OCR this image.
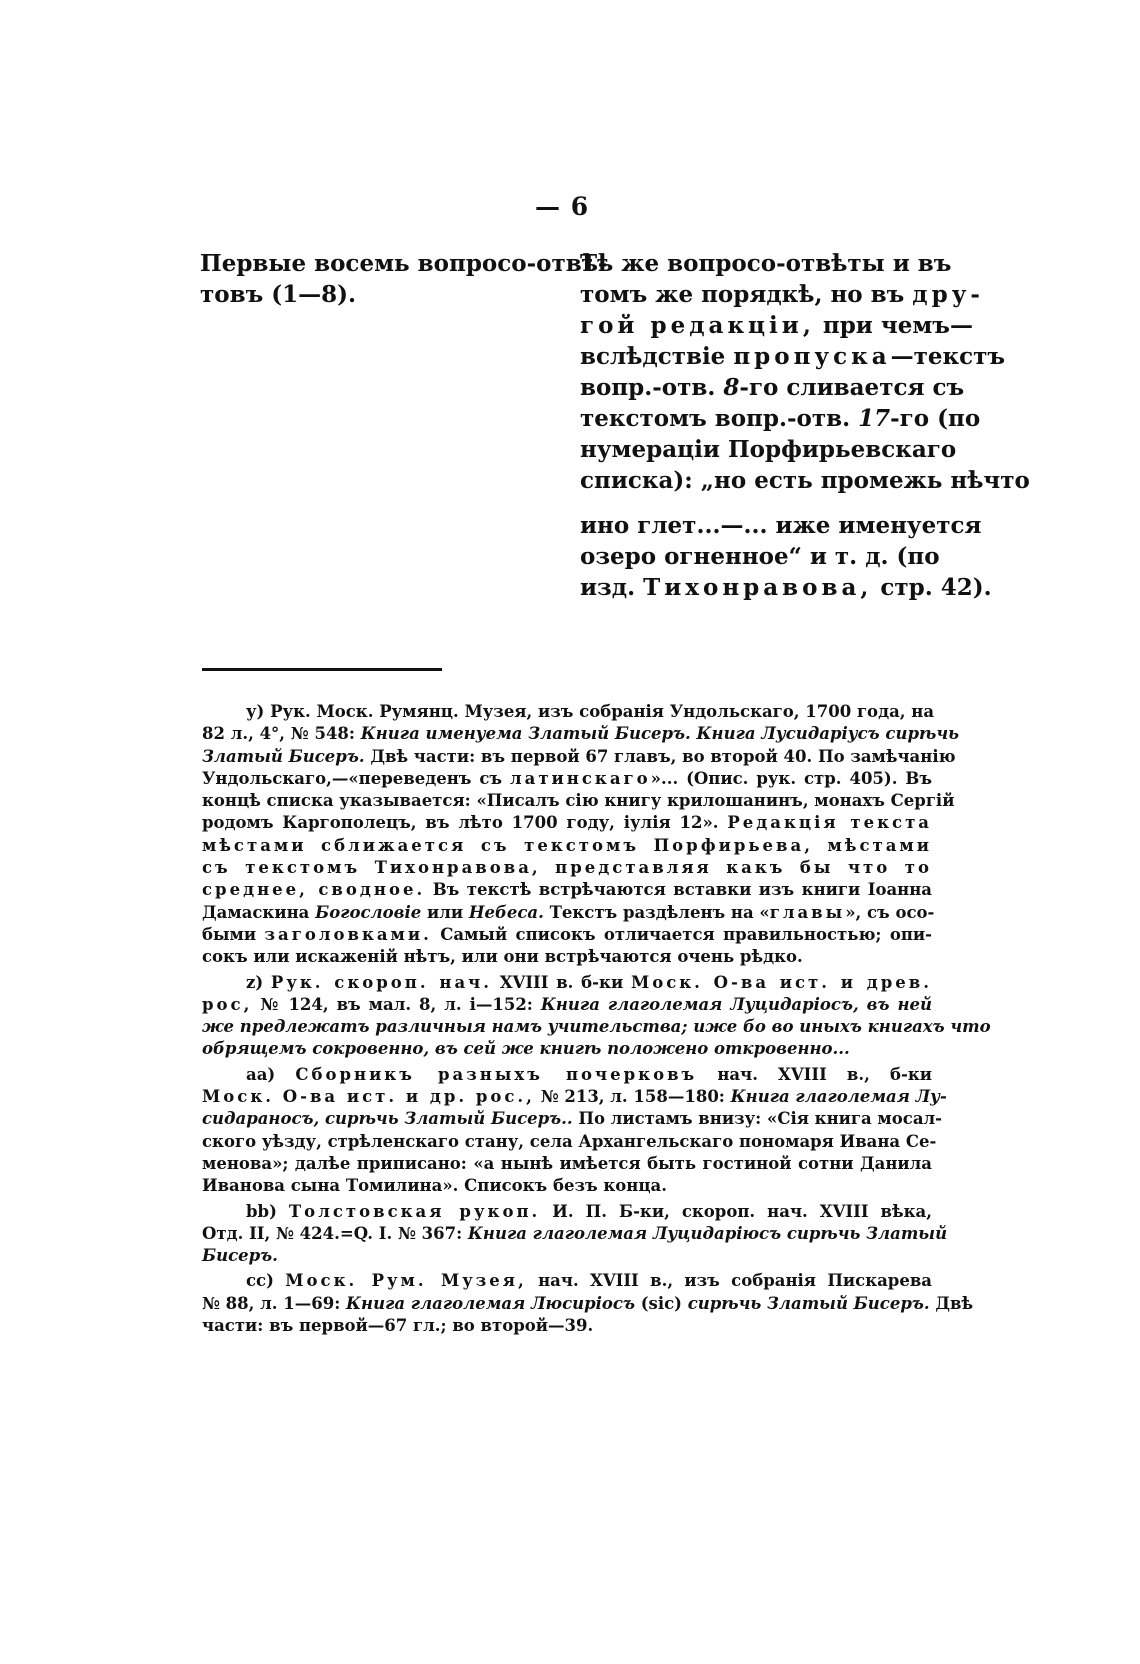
— 6
Первые восемь вопросо-отвѣ-
товъ (1—8).
Тѣ же вопросо-отвѣты и въ
томъ же порядкѣ, но въ дру-
гой редакціи, при чемъ—
вслѣдствіе пропуска—текстъ
вопр.-отв. 8-го сливается съ
текстомъ вопр.-отв. 17-го (по
нумераціи Порфирьевскаго
списка): „но есть промежь нѣчто
ино глет...—... иже именуется
озеро огненное“ и т. д. (по
изд. Тихонравова, стр. 42).
у) Рук. Моск. Румянц. Музея, изъ собранія Ундольскаго, 1700 года, на
82 л., 4°, № 548: Книга именуема Златый Бисеръ. Книга Лусидаріусъ сирѣчь
Златый Бисеръ. Двѣ части: въ первой 67 главъ, во второй 40. По замѣчанію
Ундольскаго,—«переведенъ съ латинскаго»... (Опис. рук. стр. 405). Въ
концѣ списка указывается: «Писалъ сію книгу крилошанинъ, монахъ Сергій
родомъ Каргополецъ, въ лѣто 1700 году, іулія 12». Редакція текста
мѣстами сближается съ текстомъ Порфирьева, мѣстами
съ текстомъ Тихонравова, представляя какъ бы что то
среднее, сводное. Въ текстѣ встрѣчаются вставки изъ книги Іоанна
Дамаскина Богословіе или Небеса. Текстъ раздѣленъ на «главы», съ осо-
быми заголовками. Самый списокъ отличается правильностью; опи-
сокъ или искаженій нѣтъ, или они встрѣчаются очень рѣдко.
z) Рук. скороп. нач. XVIII в. б-ки Моск. О-ва ист. и древ.
рос, № 124, въ мал. 8, л. і—152: Книга глаголемая Луцидаріосъ, въ ней
же предлежатъ различныя намъ учительства; иже бо во иныхъ книгахъ что
обрящемъ сокровенно, въ сей же книгѣ положено откровенно...
аа) Сборникъ разныхъ почерковъ нач. XVIII в., б-ки
Моск. О-ва ист. и др. рос., № 213, л. 158—180: Книга глаголемая Лу-
сидараносъ, сирѣчь Златый Бисеръ.. По листамъ внизу: «Сія книга мосал-
ского уѣзду, стрѣленскаго стану, села Архангельскаго пономаря Ивана Се-
менова»; далѣе приписано: «а нынѣ имѣется быть гостиной сотни Данила
Иванова сына Томилина». Списокъ безъ конца.
bb) Толстовская рукоп. И. П. Б-ки, скороп. нач. XVIII вѣка,
Отд. II, № 424.=Q. I. № 367: Книга глаголемая Луцидаріюсъ сирѣчь Златый
Бисеръ.
сс) Моск. Рум. Музея, нач. XVIII в., изъ собранія Пискарева
№ 88, л. 1—69: Книга глаголемая Люсиріосъ (sic) сирѣчь Златый Бисеръ. Двѣ
части: въ первой—67 гл.; во второй—39.
